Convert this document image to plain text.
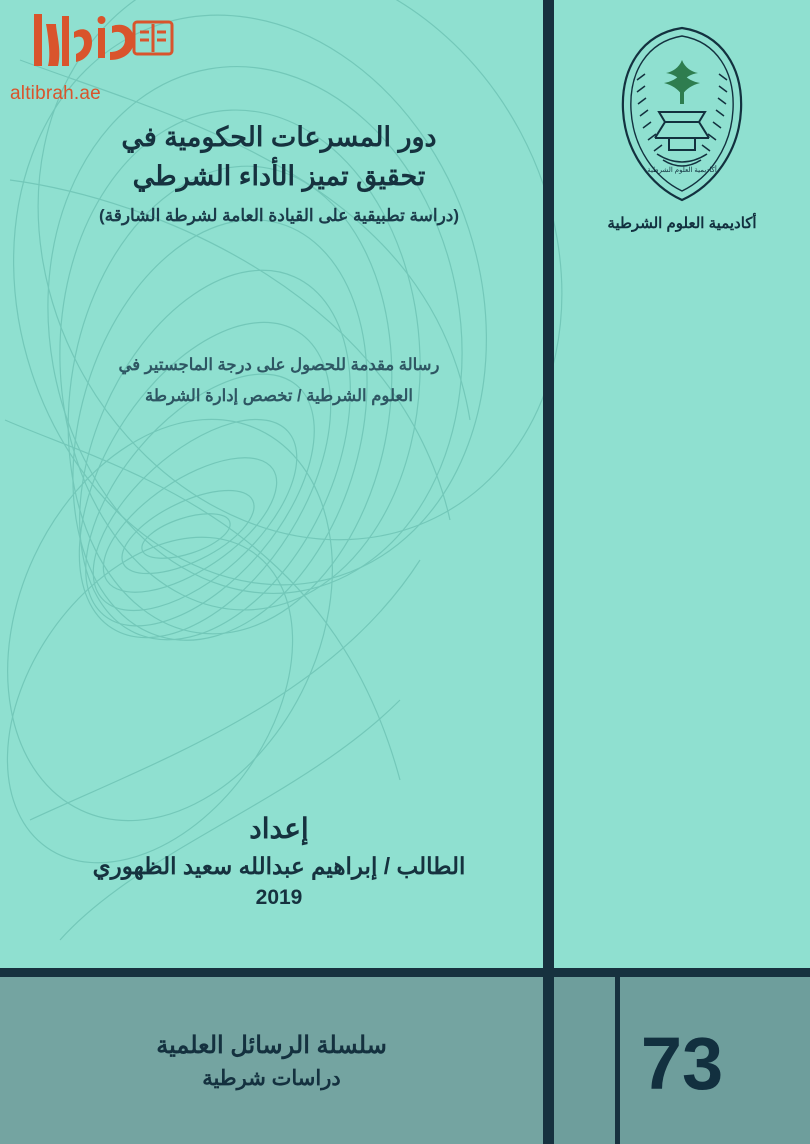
altibrah.ae
أكاديمية العلوم الشرطية
أكاديمية العلوم الشرطية
دور المسرعات الحكومية في
تحقيق تميز الأداء الشرطي
(دراسة تطبيقية على القيادة العامة لشرطة الشارقة)
رسالة مقدمة للحصول على درجة الماجستير في
العلوم الشرطية / تخصص إدارة الشرطة
إعداد
الطالب / إبراهيم عبدالله سعيد الظهوري
2019
سلسلة الرسائل العلمية
دراسات شرطية	73
